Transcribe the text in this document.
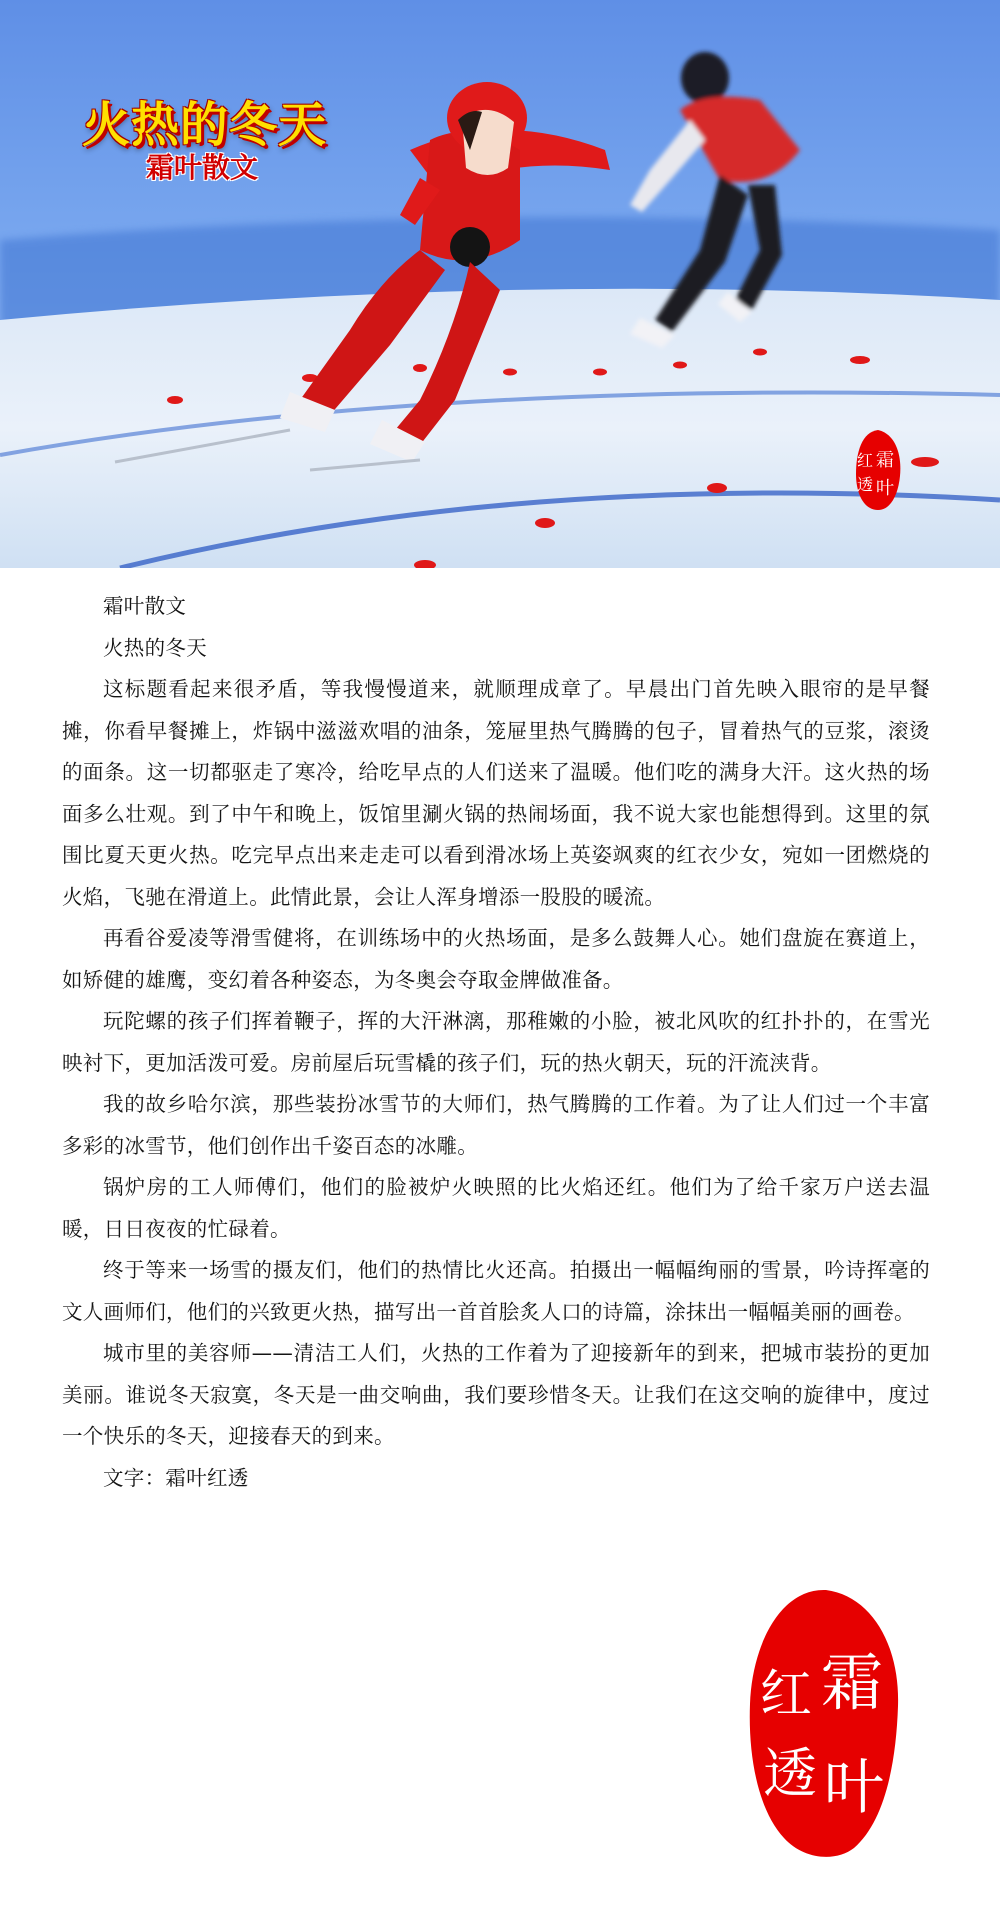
火热的冬天
霜叶散文
霜
叶
红
透

霜叶散文

火热的冬天

这标题看起来很矛盾，等我慢慢道来，就顺理成章了。早晨出门首先映入眼帘的是早餐摊，你看早餐摊上，炸锅中滋滋欢唱的油条，笼屉里热气腾腾的包子，冒着热气的豆浆，滚烫的面条。这一切都驱走了寒冷，给吃早点的人们送来了温暖。他们吃的满身大汗。这火热的场面多么壮观。到了中午和晚上，饭馆里涮火锅的热闹场面，我不说大家也能想得到。这里的氛围比夏天更火热。吃完早点出来走走可以看到滑冰场上英姿飒爽的红衣少女，宛如一团燃烧的火焰，飞驰在滑道上。此情此景，会让人浑身增添一股股的暖流。

再看谷爱凌等滑雪健将，在训练场中的火热场面，是多么鼓舞人心。她们盘旋在赛道上，如矫健的雄鹰，变幻着各种姿态，为冬奥会夺取金牌做准备。

玩陀螺的孩子们挥着鞭子，挥的大汗淋漓，那稚嫩的小脸，被北风吹的红扑扑的，在雪光映衬下，更加活泼可爱。房前屋后玩雪橇的孩子们，玩的热火朝天，玩的汗流浃背。

我的故乡哈尔滨，那些装扮冰雪节的大师们，热气腾腾的工作着。为了让人们过一个丰富多彩的冰雪节，他们创作出千姿百态的冰雕。

锅炉房的工人师傅们，他们的脸被炉火映照的比火焰还红。他们为了给千家万户送去温暖，日日夜夜的忙碌着。

终于等来一场雪的摄友们，他们的热情比火还高。拍摄出一幅幅绚丽的雪景，吟诗挥毫的文人画师们，他们的兴致更火热，描写出一首首脍炙人口的诗篇，涂抹出一幅幅美丽的画卷。

城市里的美容师——清洁工人们，火热的工作着为了迎接新年的到来，把城市装扮的更加美丽。谁说冬天寂寞，冬天是一曲交响曲，我们要珍惜冬天。让我们在这交响的旋律中，度过一个快乐的冬天，迎接春天的到来。

文字：霜叶红透

霜
叶
红
透
